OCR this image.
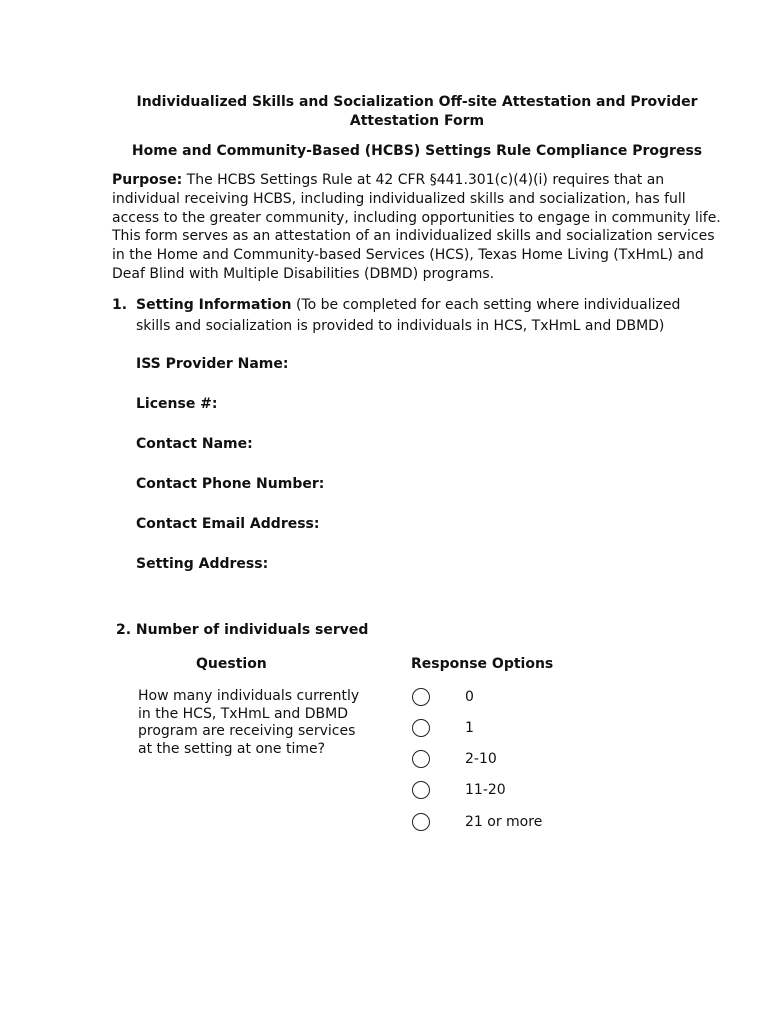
Individualized Skills and Socialization Off-site Attestation and Provider Attestation Form
Home and Community-Based (HCBS) Settings Rule Compliance Progress
Purpose: The HCBS Settings Rule at 42 CFR §441.301(c)(4)(i) requires that an individual receiving HCBS, including individualized skills and socialization, has full access to the greater community, including opportunities to engage in community life. This form serves as an attestation of an individualized skills and socialization services in the Home and Community-based Services (HCS), Texas Home Living (TxHmL) and Deaf Blind with Multiple Disabilities (DBMD) programs.
1. Setting Information (To be completed for each setting where individualized skills and socialization is provided to individuals in HCS, TxHmL and DBMD)
ISS Provider Name:
License #:
Contact Name:
Contact Phone Number:
Contact Email Address:
Setting Address:
2. Number of individuals served
Question	Response Options
How many individuals currently in the HCS, TxHmL and DBMD program are receiving services at the setting at one time?
0
1
2-10
11-20
21 or more
